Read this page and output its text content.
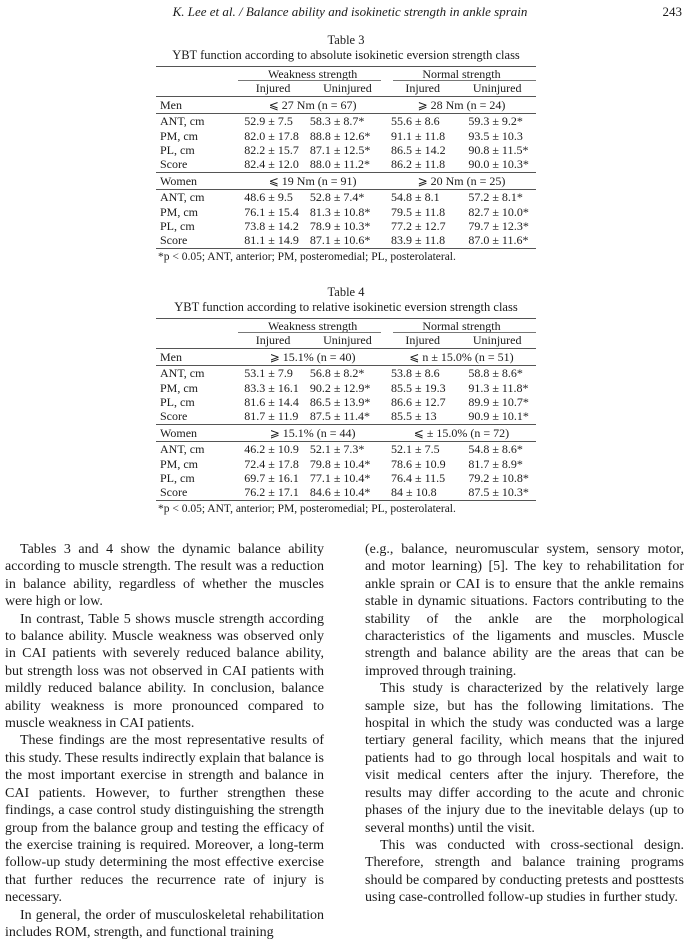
K. Lee et al. / Balance ability and isokinetic strength in ankle sprain	243
Table 3
YBT function according to absolute isokinetic eversion strength class
	Weakness strength		Normal strength	
	Injured	Uninjured	Injured	Uninjured
Men	⩽ 27 Nm (n = 67)		⩾ 28 Nm (n = 24)	
ANT, cm	52.9 ± 7.5	58.3 ± 8.7*	55.6 ± 8.6	59.3 ± 9.2*
PM, cm	82.0 ± 17.8	88.8 ± 12.6*	91.1 ± 11.8	93.5 ± 10.3
PL, cm	82.2 ± 15.7	87.1 ± 12.5*	86.5 ± 14.2	90.8 ± 11.5*
Score	82.4 ± 12.0	88.0 ± 11.2*	86.2 ± 11.8	90.0 ± 10.3*
Women	⩽ 19 Nm (n = 91)		⩾ 20 Nm (n = 25)	
ANT, cm	48.6 ± 9.5	52.8 ± 7.4*	54.8 ± 8.1	57.2 ± 8.1*
PM, cm	76.1 ± 15.4	81.3 ± 10.8*	79.5 ± 11.8	82.7 ± 10.0*
PL, cm	73.8 ± 14.2	78.9 ± 10.3*	77.2 ± 12.7	79.7 ± 12.3*
Score	81.1 ± 14.9	87.1 ± 10.6*	83.9 ± 11.8	87.0 ± 11.6*
*p < 0.05; ANT, anterior; PM, posteromedial; PL, posterolateral.
Table 4
YBT function according to relative isokinetic eversion strength class
	Weakness strength		Normal strength	
	Injured	Uninjured	Injured	Uninjured
Men	⩾ 15.1% (n = 40)		⩽ n ± 15.0% (n = 51)	
ANT, cm	53.1 ± 7.9	56.8 ± 8.2*	53.8 ± 8.6	58.8 ± 8.6*
PM, cm	83.3 ± 16.1	90.2 ± 12.9*	85.5 ± 19.3	91.3 ± 11.8*
PL, cm	81.6 ± 14.4	86.5 ± 13.9*	86.6 ± 12.7	89.9 ± 10.7*
Score	81.7 ± 11.9	87.5 ± 11.4*	85.5 ± 13	90.9 ± 10.1*
Women	⩾ 15.1% (n = 44)		⩽ ± 15.0% (n = 72)	
ANT, cm	46.2 ± 10.9	52.1 ± 7.3*	52.1 ± 7.5	54.8 ± 8.6*
PM, cm	72.4 ± 17.8	79.8 ± 10.4*	78.6 ± 10.9	81.7 ± 8.9*
PL, cm	69.7 ± 16.1	77.1 ± 10.4*	76.4 ± 11.5	79.2 ± 10.8*
Score	76.2 ± 17.1	84.6 ± 10.4*	84 ± 10.8	87.5 ± 10.3*
*p < 0.05; ANT, anterior; PM, posteromedial; PL, posterolateral.

Tables 3 and 4 show the dynamic balance ability according to muscle strength. The result was a reduction in balance ability, regardless of whether the muscles were high or low.

In contrast, Table 5 shows muscle strength according to balance ability. Muscle weakness was observed only in CAI patients with severely reduced balance ability, but strength loss was not observed in CAI patients with mildly reduced balance ability. In conclusion, balance ability weakness is more pronounced compared to muscle weakness in CAI patients.

These findings are the most representative results of this study. These results indirectly explain that balance is the most important exercise in strength and balance in CAI patients. However, to further strengthen these findings, a case control study distinguishing the strength group from the balance group and testing the efficacy of the exercise training is required. Moreover, a long-term follow-up study determining the most effective exercise that further reduces the recurrence rate of injury is necessary.

In general, the order of musculoskeletal rehabilitation includes ROM, strength, and functional training

(e.g., balance, neuromuscular system, sensory motor, and motor learning) [5]. The key to rehabilitation for ankle sprain or CAI is to ensure that the ankle remains stable in dynamic situations. Factors contributing to the stability of the ankle are the morphological characteristics of the ligaments and muscles. Muscle strength and balance ability are the areas that can be improved through training.

This study is characterized by the relatively large sample size, but has the following limitations. The hospital in which the study was conducted was a large tertiary general facility, which means that the injured patients had to go through local hospitals and wait to visit medical centers after the injury. Therefore, the results may differ according to the acute and chronic phases of the injury due to the inevitable delays (up to several months) until the visit.

This was conducted with cross-sectional design. Therefore, strength and balance training programs should be compared by conducting pretests and posttests using case-controlled follow-up studies in further study.
